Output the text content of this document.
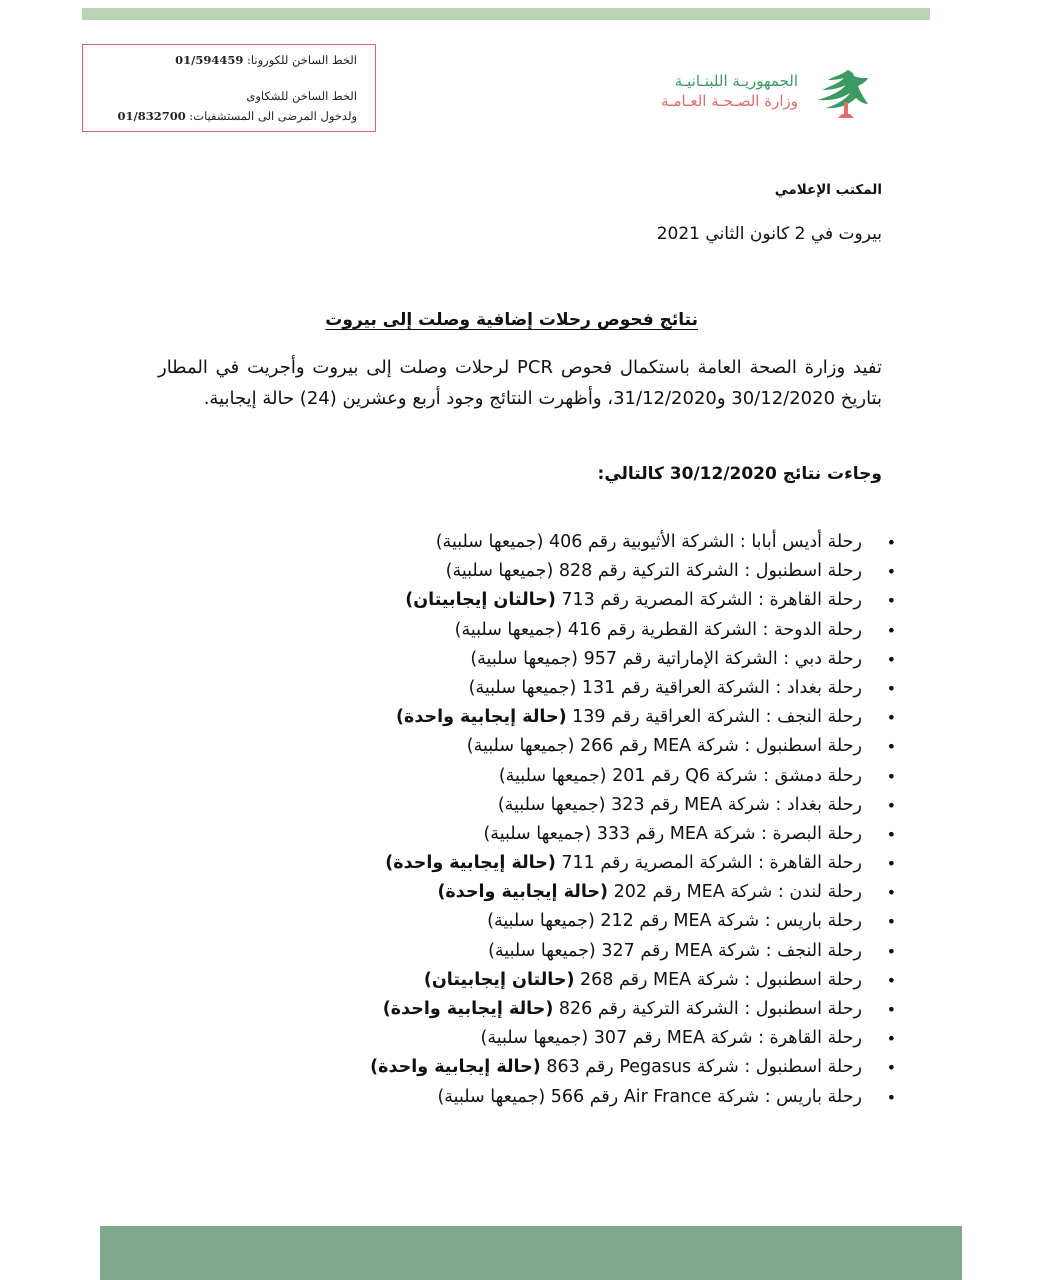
الخط الساخن للكورونا: 01/594459
الخط الساخن للشكاوى
ولدخول المرضى الى المستشفيات: 01/832700
الجمهوريـة اللبنـانيـة
وزارة الصـحـة العـامـة
المكتب الإعلامي
بيروت في 2 كانون الثاني 2021
نتائج فحوص رحلات إضافية وصلت إلى بيروت
تفيد وزارة الصحة العامة باستكمال فحوص PCR لرحلات وصلت إلى بيروت وأجريت في المطار بتاريخ 30/12/2020 و31/12/2020، وأظهرت النتائج وجود أربع وعشرين (24) حالة إيجابية.
وجاءت نتائج 30/12/2020 كالتالي:
•
رحلة أديس أبابا : الشركة الأثيوبية رقم 406 (جميعها سلبية)
•
رحلة اسطنبول : الشركة التركية رقم 828 (جميعها سلبية)
•
رحلة القاهرة : الشركة المصرية رقم 713 (حالتان إيجابيتان)
•
رحلة الدوحة : الشركة القطرية رقم 416 (جميعها سلبية)
•
رحلة دبي : الشركة الإماراتية رقم 957 (جميعها سلبية)
•
رحلة بغداد : الشركة العراقية رقم 131 (جميعها سلبية)
•
رحلة النجف : الشركة العراقية رقم 139 (حالة إيجابية واحدة)
•
رحلة اسطنبول : شركة MEA رقم 266 (جميعها سلبية)
•
رحلة دمشق : شركة Q6 رقم 201 (جميعها سلبية)
•
رحلة بغداد : شركة MEA رقم 323 (جميعها سلبية)
•
رحلة البصرة : شركة MEA رقم 333 (جميعها سلبية)
•
رحلة القاهرة : الشركة المصرية رقم 711 (حالة إيجابية واحدة)
•
رحلة لندن : شركة MEA رقم 202 (حالة إيجابية واحدة)
•
رحلة باريس : شركة MEA رقم 212 (جميعها سلبية)
•
رحلة النجف : شركة MEA رقم 327 (جميعها سلبية)
•
رحلة اسطنبول : شركة MEA رقم 268 (حالتان إيجابيتان)
•
رحلة اسطنبول : الشركة التركية رقم 826 (حالة إيجابية واحدة)
•
رحلة القاهرة : شركة MEA رقم 307 (جميعها سلبية)
•
رحلة اسطنبول : شركة Pegasus رقم 863 (حالة إيجابية واحدة)
•
رحلة باريس : شركة Air France رقم 566 (جميعها سلبية)
